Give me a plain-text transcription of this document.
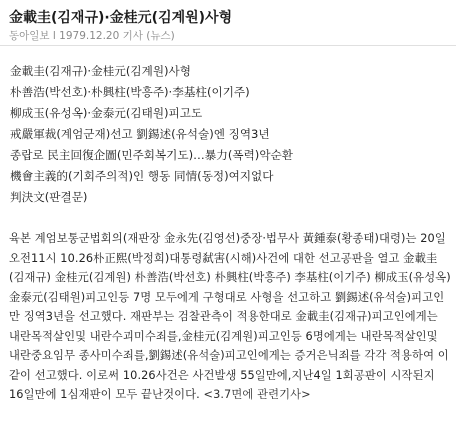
金載圭(김재규)·金桂元(김계원)사형
동아일보 l 1979.12.20 기사 (뉴스)
金載圭(김재규)·金桂元(김계원)사형
朴善浩(박선호)·朴興柱(박흥주)·李基柱(이기주)
柳成玉(유성옥)·金泰元(김태원)피고도
戒嚴軍裁(계엄군재)선고 劉錫述(유석술)엔 징역3년
종랍로 民主回復企圖(민주회복기도)…暴力(폭력)악순환
機會主義的(기회주의적)인 행동 同情(동정)여지없다
判決文(판결문)
육본 계엄보통군법회의(재판장 金永先(김영선)중장·법무사 黃鍾泰(황종태)대령)는 20일 오전11시 10.26朴正熙(박정희)대통령弑害(시해)사건에 대한 선고공판을 열고 金載圭(김재규) 金桂元(김계원) 朴善浩(박선호) 朴興柱(박흥주) 李基柱(이기주) 柳成玉(유성옥) 金泰元(김태원)피고인등 7명 모두에게 구형대로 사형을 선고하고 劉錫述(유석술)피고인만 징역3년을 선고했다. 재판부는 검찰관측이 적용한대로 金載圭(김재규)피고인에게는 내란목적살인및 내란수괴미수죄를,金桂元(김계원)피고인등 6명에게는 내란목적살인및 내란중요임무 종사미수죄를,劉錫述(유석술)피고인에게는 증거은닉죄를 각각 적용하여 이같이 선고했다. 이로써 10.26사건은 사건발생 55일만에,지난4일 1회공판이 시작된지 16일만에 1심재판이 모두 끝난것이다. <3.7면에 관련기사>
